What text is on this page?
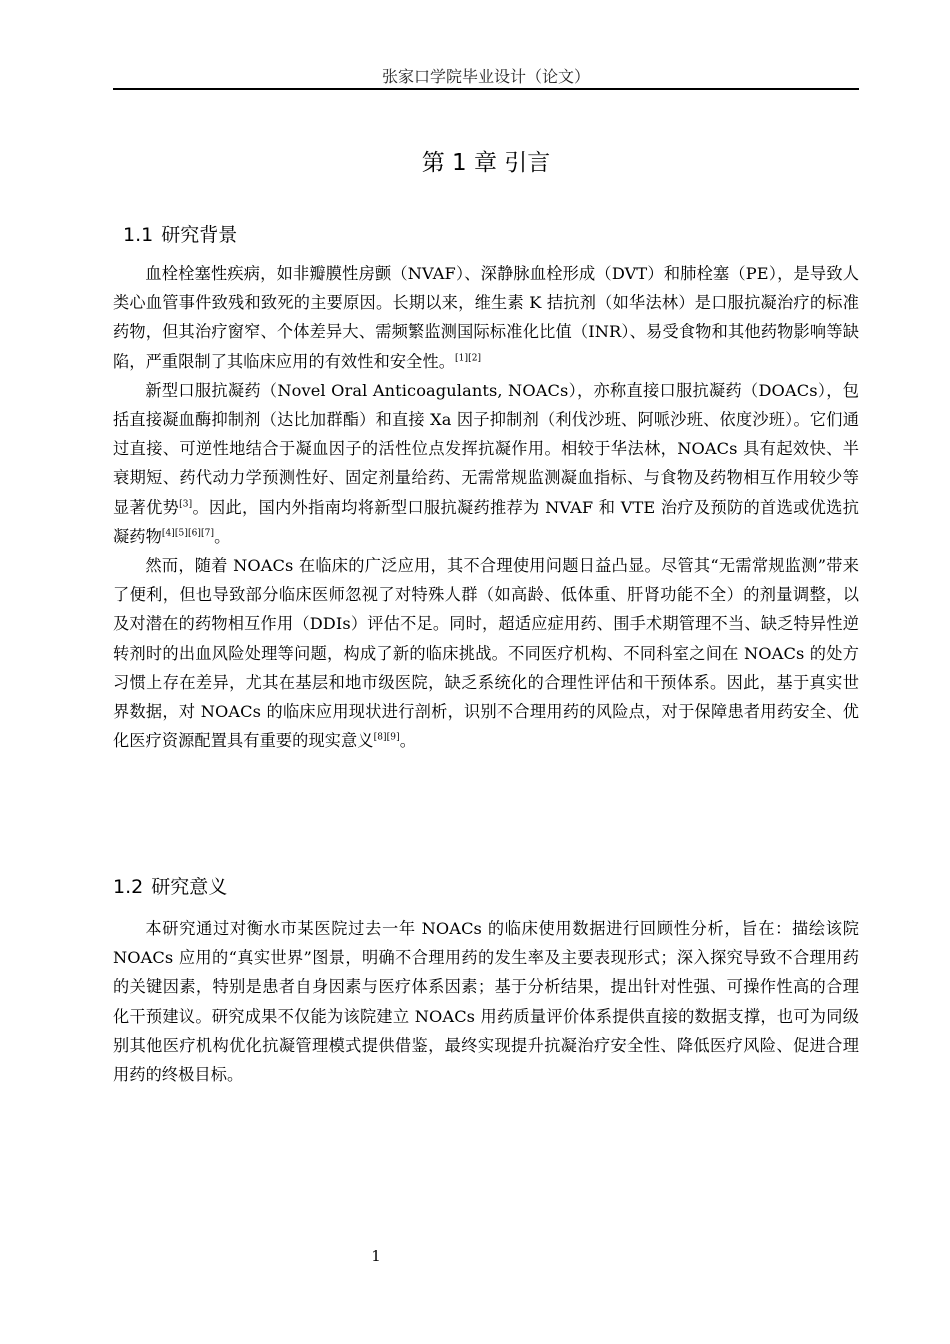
张家口学院毕业设计（论文）
第 1 章 引言
1.1 研究背景

血栓栓塞性疾病，如非瓣膜性房颤（NVAF）、深静脉血栓形成（DVT）和肺栓塞（PE），是导致人类心血管事件致残和致死的主要原因。长期以来，维生素 K 拮抗剂（如华法林）是口服抗凝治疗的标准药物，但其治疗窗窄、个体差异大、需频繁监测国际标准化比值（INR）、易受食物和其他药物影响等缺陷，严重限制了其临床应用的有效性和安全性。[1][2]

新型口服抗凝药（Novel Oral Anticoagulants, NOACs），亦称直接口服抗凝药（DOACs），包括直接凝血酶抑制剂（达比加群酯）和直接 Xa 因子抑制剂（利伐沙班、阿哌沙班、依度沙班）。它们通过直接、可逆性地结合于凝血因子的活性位点发挥抗凝作用。相较于华法林，NOACs 具有起效快、半衰期短、药代动力学预测性好、固定剂量给药、无需常规监测凝血指标、与食物及药物相互作用较少等显著优势[3]。因此，国内外指南均将新型口服抗凝药推荐为 NVAF 和 VTE 治疗及预防的首选或优选抗凝药物[4][5][6][7]。

然而，随着 NOACs 在临床的广泛应用，其不合理使用问题日益凸显。尽管其“无需常规监测”带来了便利，但也导致部分临床医师忽视了对特殊人群（如高龄、低体重、肝肾功能不全）的剂量调整，以及对潜在的药物相互作用（DDIs）评估不足。同时，超适应症用药、围手术期管理不当、缺乏特异性逆转剂时的出血风险处理等问题，构成了新的临床挑战。不同医疗机构、不同科室之间在 NOACs 的处方习惯上存在差异，尤其在基层和地市级医院，缺乏系统化的合理性评估和干预体系。因此，基于真实世界数据，对 NOACs 的临床应用现状进行剖析，识别不合理用药的风险点，对于保障患者用药安全、优化医疗资源配置具有重要的现实意义[8][9]。

1.2 研究意义

本研究通过对衡水市某医院过去一年 NOACs 的临床使用数据进行回顾性分析，旨在：描绘该院 NOACs 应用的“真实世界”图景，明确不合理用药的发生率及主要表现形式；深入探究导致不合理用药的关键因素，特别是患者自身因素与医疗体系因素；基于分析结果，提出针对性强、可操作性高的合理化干预建议。研究成果不仅能为该院建立 NOACs 用药质量评价体系提供直接的数据支撑，也可为同级别其他医疗机构优化抗凝管理模式提供借鉴，最终实现提升抗凝治疗安全性、降低医疗风险、促进合理用药的终极目标。

1
